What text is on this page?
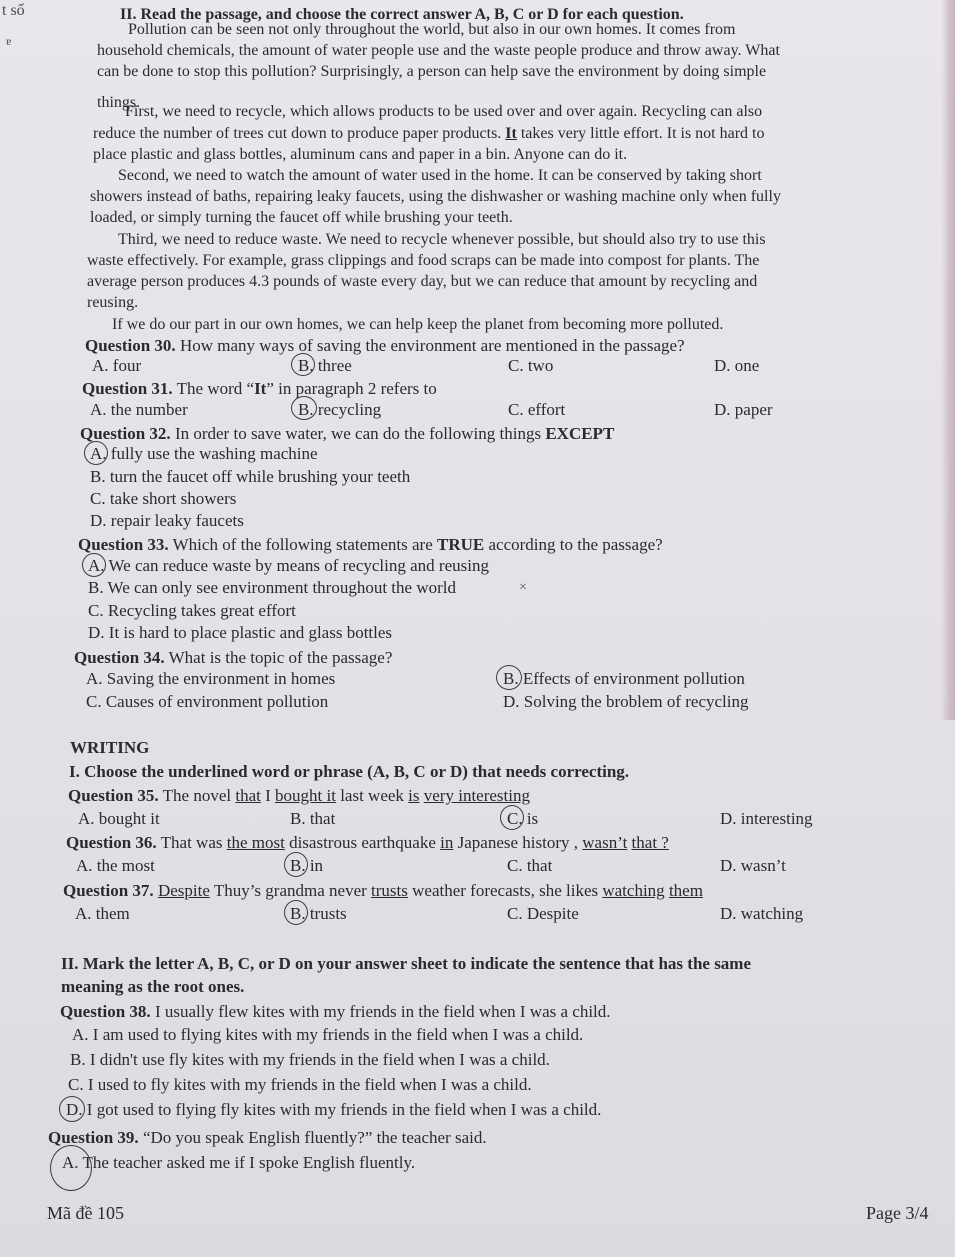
t số
ɐ
II. Read the passage, and choose the correct answer A, B, C or D for each question.
Pollution can be seen not only throughout the world, but also in our own homes. It comes from
household chemicals, the amount of water people use and the waste people produce and throw away. What
can be done to stop this pollution? Surprisingly, a person can help save the environment by doing simple
things.
First, we need to recycle, which allows products to be used over and over again. Recycling can also
reduce the number of trees cut down to produce paper products. It takes very little effort. It is not hard to
place plastic and glass bottles, aluminum cans and paper in a bin. Anyone can do it.
Second, we need to watch the amount of water used in the home. It can be conserved by taking short
showers instead of baths, repairing leaky faucets, using the dishwasher or washing machine only when fully
loaded, or simply turning the faucet off while brushing your teeth.
Third, we need to reduce waste. We need to recycle whenever possible, but should also try to use this
waste effectively. For example, grass clippings and food scraps can be made into compost for plants. The
average person produces 4.3 pounds of waste every day, but we can reduce that amount by recycling and
reusing.
If we do our part in our own homes, we can help keep the planet from becoming more polluted.
Question 30. How many ways of saving the environment are mentioned in the passage?
A. four	B. three	C. two	D. one
Question 31. The word “It” in paragraph 2 refers to
A. the number	B. recycling	C. effort	D. paper
Question 32. In order to save water, we can do the following things EXCEPT
A. fully use the washing machine
B. turn the faucet off while brushing your teeth
C. take short showers
D. repair leaky faucets
Question 33. Which of the following statements are TRUE according to the passage?
A. We can reduce waste by means of recycling and reusing
B. We can only see environment throughout the world	×
C. Recycling takes great effort
D. It is hard to place plastic and glass bottles
Question 34. What is the topic of the passage?
A. Saving the environment in homes	B. Effects of environment pollution
C. Causes of environment pollution	D. Solving the broblem of recycling
WRITING
I. Choose the underlined word or phrase (A, B, C or D) that needs correcting.
Question 35. The novel that I bought it last week is very interesting
A. bought it	B. that	C. is	D. interesting
Question 36. That was the most disastrous earthquake in Japanese history , wasn’t that ?
A. the most	B. in	C. that	D. wasn’t
Question 37. Despite Thuy’s grandma never trusts weather forecasts, she likes watching them
A. them	B. trusts	C. Despite	D. watching
II. Mark the letter A, B, C, or D on your answer sheet to indicate the sentence that has the same
meaning as the root ones.
Question 38. I usually flew kites with my friends in the field when I was a child.
A. I am used to flying kites with my friends in the field when I was a child.
B. I didn't use fly kites with my friends in the field when I was a child.
C. I used to fly kites with my friends in the field when I was a child.
D. I got used to flying fly kites with my friends in the field when I was a child.
Question 39. “Do you speak English fluently?” the teacher said.
A. The teacher asked me if I spoke English fluently.
Mã đề 105	Page 3/4
